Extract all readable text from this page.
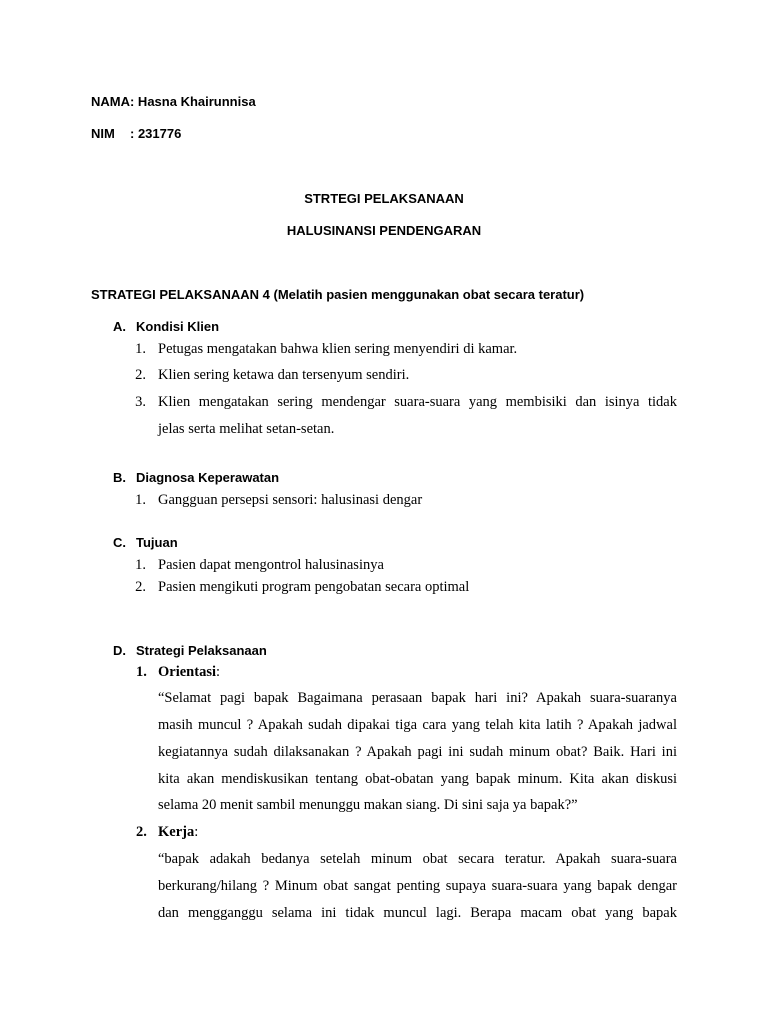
NAMA: Hasna Khairunnisa
NIM : 231776
STRTEGI PELAKSANAAN
HALUSINANSI PENDENGARAN
STRATEGI PELAKSANAAN 4 (Melatih pasien menggunakan obat secara teratur)
A. Kondisi Klien
1. Petugas mengatakan bahwa klien sering menyendiri di kamar.
2. Klien sering ketawa dan tersenyum sendiri.
3. Klien mengatakan sering mendengar suara-suara yang membisiki dan isinya tidak
jelas serta melihat setan-setan.
B. Diagnosa Keperawatan
1. Gangguan persepsi sensori: halusinasi dengar
C. Tujuan
1. Pasien dapat mengontrol halusinasinya
2. Pasien mengikuti program pengobatan secara optimal
D. Strategi Pelaksanaan
1. Orientasi:
“Selamat pagi bapak Bagaimana perasaan bapak hari ini? Apakah suara-suaranya
masih muncul ? Apakah sudah dipakai tiga cara yang telah kita latih ? Apakah jadwal
kegiatannya sudah dilaksanakan ? Apakah pagi ini sudah minum obat? Baik. Hari ini
kita akan mendiskusikan tentang obat-obatan yang bapak minum. Kita akan diskusi
selama 20 menit sambil menunggu makan siang. Di sini saja ya bapak?”
2. Kerja:
“bapak adakah bedanya setelah minum obat secara teratur. Apakah suara-suara
berkurang/hilang ? Minum obat sangat penting supaya suara-suara yang bapak dengar
dan mengganggu selama ini tidak muncul lagi. Berapa macam obat yang bapak
